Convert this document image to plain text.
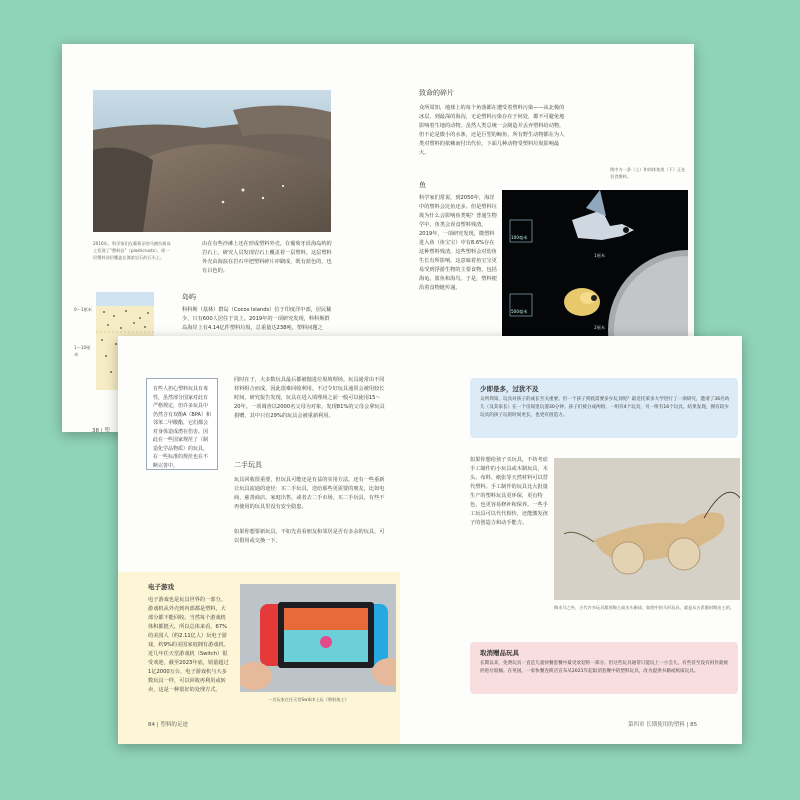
2016年，科学家们在葡萄牙的马德拉群岛上发现了“塑料岩”（plasticrusts），即一层塑料涂层覆盖在海滨岩石的石头上。
由在有些沙滩上还在形成塑料外壳，在葡萄牙沿海岛屿的岩石上，研究人员发现岩石上覆盖着一层塑料。这层塑料外壳由海浪在岩石中把塑料碎片冲刷成，既有蓝色的，也有白色的。
岛屿
科科斯（基林）群岛（Cocos Islands）位于印度洋中部，居民稀少，只有600人居住于其上。2019年的一项研究发现，科科斯群岛海岸上有4.14亿件塑料垃圾，总重量达238吨，塑料问题之
0～1厘米
1～10厘米
38 | 塑
致命的碎片
众所周知，地球上的每个角落都在遭受着塑料污染——从北极的冰层、到最深的海沟，无论塑料污染存在于何处，都不可避免地影响着生地的动物。虽然人类总统一会制造并丢弃塑料给动物，但不论是微小的水条，还是巨型的鲸鱼，所有野生动物都在为人类对塑料的依赖而付出代价。下面几种动物受塑料垃圾影响最大。
鱼
科学家们常说，到2050年，海洋中的塑料会比鱼还多。但是塑料垃圾为什么会影响鱼类呢？普通生物学中，鱼类会误食塑料残渣。2019年，一项研究发现，微塑料进入鱼（鱼宝宝）中有8.6%存在这种塑料残渣，这些塑料会对幼鱼生长有所影响，这意味着鱼宝宝更易受到浮游生物的主要食物，包括海龟、鲨鱼和海鸟。于是，塑料便沿着食物链传递。
图中为一条（上）和幼体鱼类（下）正在吞食塑料。
100毫米
500毫米
1厘米
2厘米
有些人担心塑料玩具有毒性，虽然部分国家对此有严格规定，但许多玩具中仍然含有双酚A（BPA）和邻苯二甲酸酯，它们都会对身体造成潜在伤害。因此在一些国家规范了（制造化学品物质）的玩具，在一些标准的规范也在不断完善中。
同时在于，大多数玩具最后都被抛进垃圾填埋场。玩具通常由不同材料组合而成，因此很难回收利用。不过令好玩具通常会被用较长时间，研究报告发现，玩具在进入填埋场之前一般可以使用15～20年。一项调查以2000名父母为对象，发现81%的父母会拿玩具捐赠，其中只有29%的玩具会被重新利用。
二手玩具
玩具回收很重要，但玩具可能还是有益的实用方法。还有一些重新让玩具流通的途径：买二手玩具，送给那些更需要的朋友，比如电商、慈善商店、家庭出售，或者去二手市场。买二手玩具，有些不再使用的玩具里没有安全隐患。
如果你想要新玩具，不如先看看朋友和邻居是否有多余的玩具，可以借用或交换一下。
少即是多，过犹不及
众所周知，玩具对孩子的成长至关重要。但一个孩子到底需要多少玩具呢？最近托莱多大学进行了一项研究，邀请了36名幼儿（及其家长）在一个房间里玩耍30分钟。孩子们被分成两组，一组有4个玩具，另一组有16个玩具。结果发现，拥有较少玩具的孩子玩的时间更长，也更有创造力。
如果你想给孩子买玩具，不妨考虑手工制作的小玩具或木制玩具，木头、布料、纸张等天然材料可以替代塑料。手工制作的玩具比大批量生产的塑料玩具更环保，更有特色，也更容易修补和保养。一些手工玩具可以代代相传，还能激发孩子的创造力和动手能力。
陶木马之外，古代许多玩具都用陶土或木头制成。如图中的马形玩具，就是从古希腊时期出土的。
电子游戏
电子游戏也是玩具世界的一部分。游戏机从外壳到内部都是塑料，大部分都不能回收。当然每个游戏机体积都挺大，所以总体来看，67%的美国人（约2.11亿人）玩电子游戏，约9%的美国家庭拥有游戏机。近几年任天堂游戏机（Switch）很受欢迎，截至2023年底，销量超过1亿2000万台。电子游戏机与大多数玩具一样，可以回收再利用或转卖，这是一种很好的处理方式。
一名玩家在任天堂Switch上玩《喷射战士》
取消赠品玩具
长期以来，免费玩具一直是儿童快餐套餐中最受欢迎的一部分。但这些玩具通常只能玩上一小会儿，有些甚至没有拆封就被扔进垃圾桶。在英国，一家快餐连锁店宣布从2021年起取消套餐中的塑料玩具，改为提供书籍或纸质玩具。
84 | 塑料的足迹	第四章 长期使用的塑料 | 85
